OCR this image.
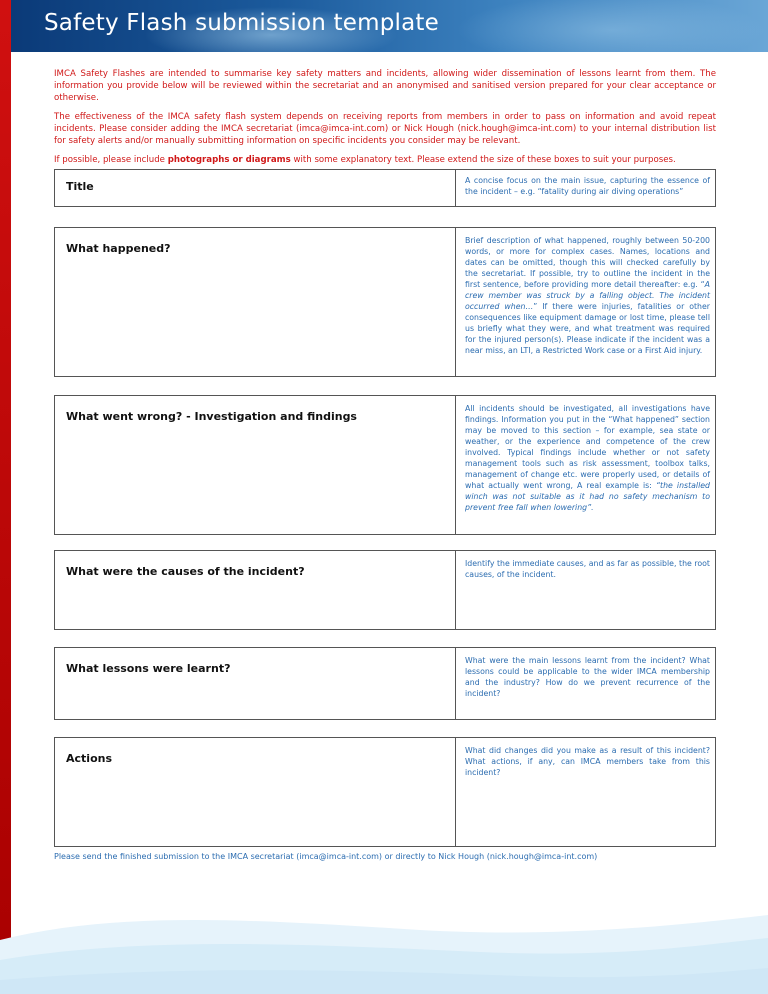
Safety Flash submission template

IMCA Safety Flashes are intended to summarise key safety matters and incidents, allowing wider dissemination of lessons learnt from them. The information you provide below will be reviewed within the secretariat and an anonymised and sanitised version prepared for your clear acceptance or otherwise.

The effectiveness of the IMCA safety flash system depends on receiving reports from members in order to pass on information and avoid repeat incidents. Please consider adding the IMCA secretariat (imca@imca-int.com) or Nick Hough (nick.hough@imca-int.com) to your internal distribution list for safety alerts and/or manually submitting information on specific incidents you consider may be relevant.

If possible, please include photographs or diagrams with some explanatory text. Please extend the size of these boxes to suit your purposes.

Title	A concise focus on the main issue, capturing the essence of the incident – e.g. “fatality during air diving operations”
What happened?
Brief description of what happened, roughly between 50-200 words, or more for complex cases. Names, locations and dates can be omitted, though this will checked carefully by the secretariat. If possible, try to outline the incident in the first sentence, before providing more detail thereafter: e.g. “A crew member was struck by a falling object. The incident occurred when…” If there were injuries, fatalities or other consequences like equipment damage or lost time, please tell us briefly what they were, and what treatment was required for the injured person(s). Please indicate if the incident was a near miss, an LTI, a Restricted Work case or a First Aid injury.
What went wrong? - Investigation and findings
All incidents should be investigated, all investigations have findings. Information you put in the “What happened” section may be moved to this section – for example, sea state or weather, or the experience and competence of the crew involved. Typical findings include whether or not safety management tools such as risk assessment, toolbox talks, management of change etc. were properly used, or details of what actually went wrong, A real example is: “the installed winch was not suitable as it had no safety mechanism to prevent free fall when lowering”.
What were the causes of the incident?
Identify the immediate causes, and as far as possible, the root causes, of the incident.
What lessons were learnt?
What were the main lessons learnt from the incident? What lessons could be applicable to the wider IMCA membership and the industry? How do we prevent recurrence of the incident?
Actions
What did changes did you make as a result of this incident? What actions, if any, can IMCA members take from this incident?
Please send the finished submission to the IMCA secretariat (imca@imca-int.com) or directly to Nick Hough (nick.hough@imca-int.com)
